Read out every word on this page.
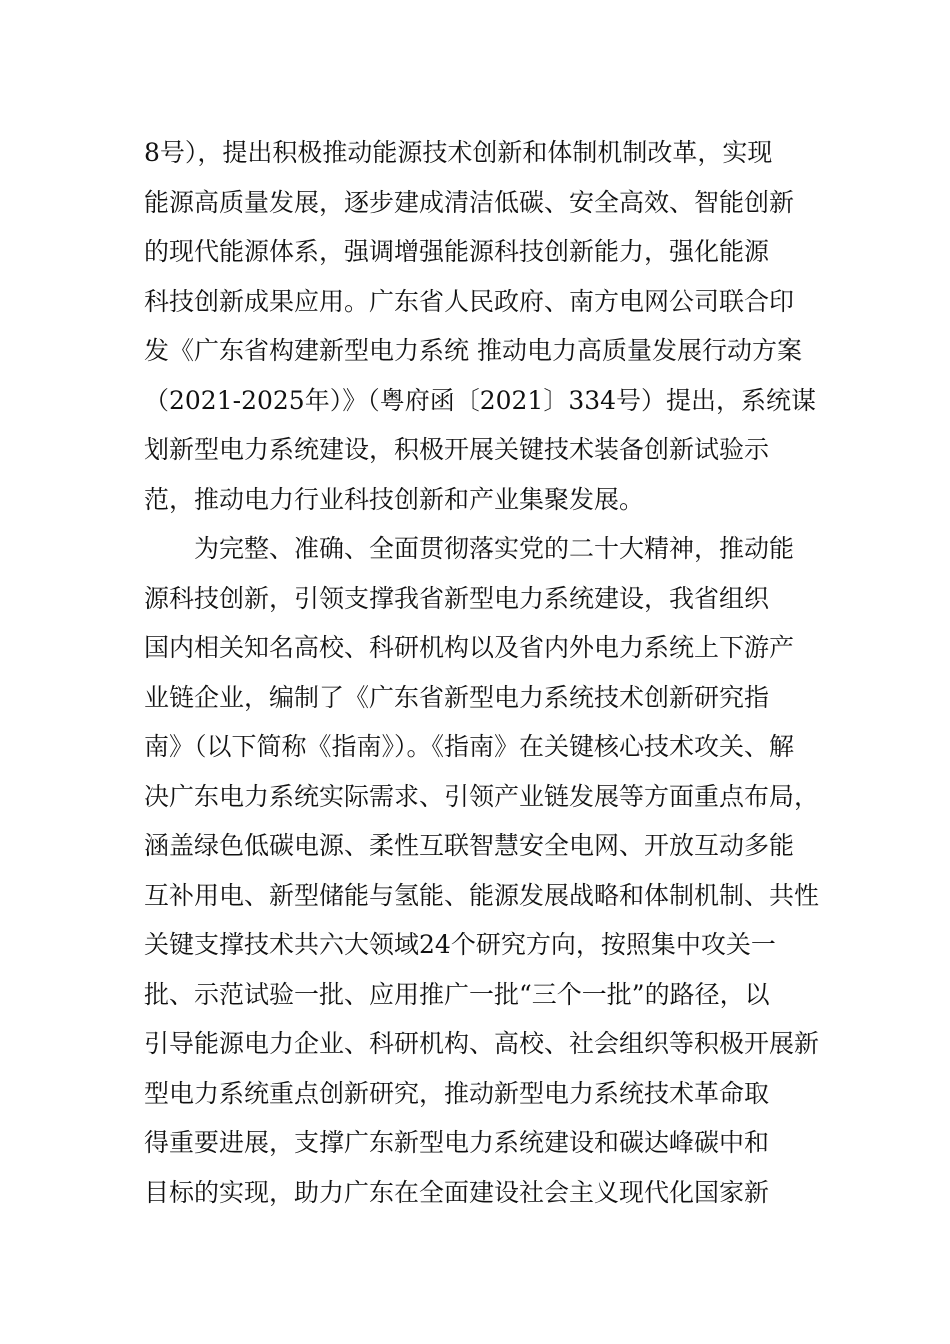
8号），提出积极推动能源技术创新和体制机制改革，实现
能源高质量发展，逐步建成清洁低碳、安全高效、智能创新
的现代能源体系，强调增强能源科技创新能力，强化能源
科技创新成果应用。广东省人民政府、南方电网公司联合印
发《广东省构建新型电力系统 推动电力高质量发展行动方案
（2021-2025年）》（粤府函〔2021〕334号）提出，系统谋
划新型电力系统建设，积极开展关键技术装备创新试验示
范，推动电力行业科技创新和产业集聚发展。
为完整、准确、全面贯彻落实党的二十大精神，推动能
源科技创新，引领支撑我省新型电力系统建设，我省组织
国内相关知名高校、科研机构以及省内外电力系统上下游产
业链企业，编制了《广东省新型电力系统技术创新研究指
南》（以下简称《指南》）。《指南》在关键核心技术攻关、解
决广东电力系统实际需求、引领产业链发展等方面重点布局，
涵盖绿色低碳电源、柔性互联智慧安全电网、开放互动多能
互补用电、新型储能与氢能、能源发展战略和体制机制、共性
关键支撑技术共六大领域24个研究方向，按照集中攻关一
批、示范试验一批、应用推广一批“三个一批”的路径，以
引导能源电力企业、科研机构、高校、社会组织等积极开展新
型电力系统重点创新研究，推动新型电力系统技术革命取
得重要进展，支撑广东新型电力系统建设和碳达峰碳中和
目标的实现，助力广东在全面建设社会主义现代化国家新
